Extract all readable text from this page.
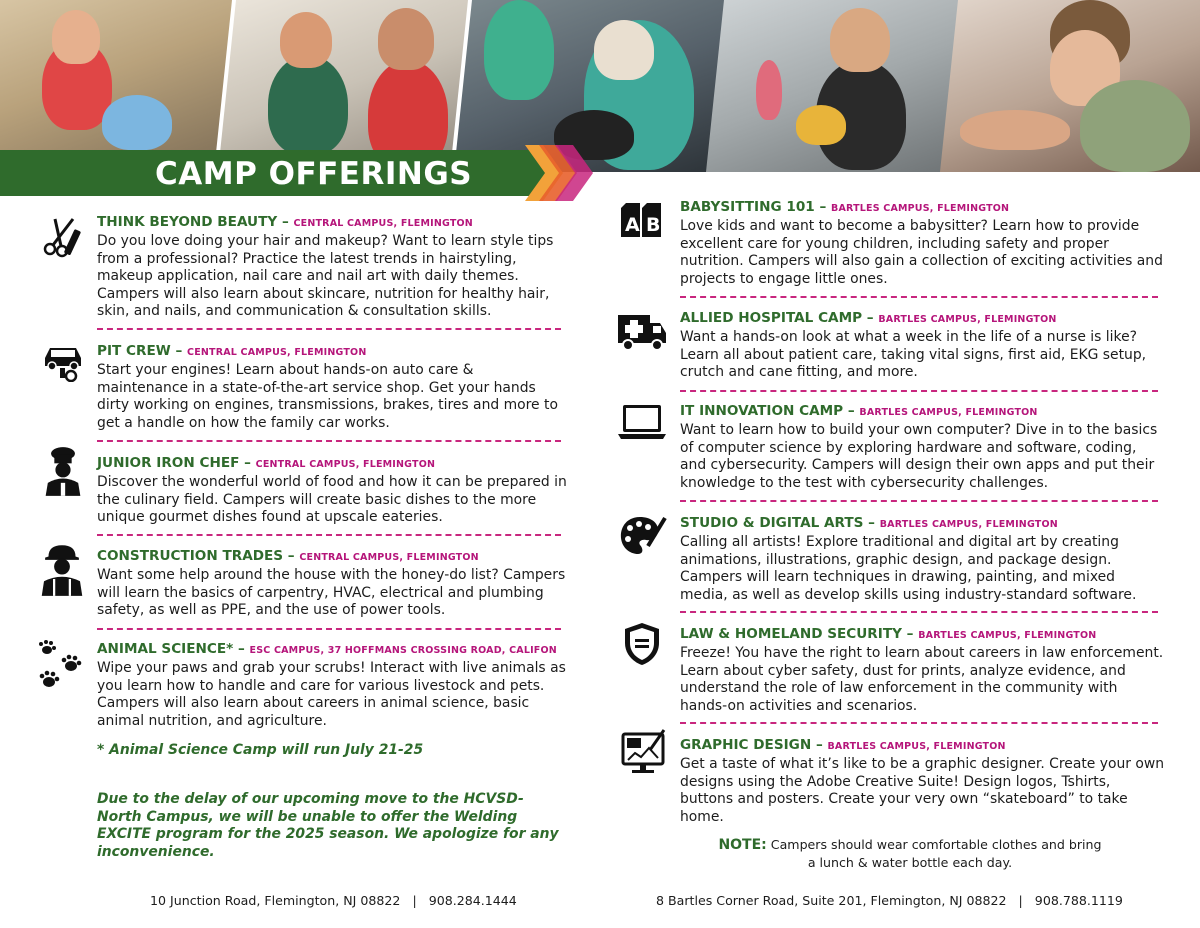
CAMP OFFERINGS
THINK BEYOND BEAUTY – CENTRAL CAMPUS, FLEMINGTON
Do you love doing your hair and makeup? Want to learn style tips from a professional? Practice the latest trends in hairstyling, makeup application, nail care and nail art with daily themes. Campers will also learn about skincare, nutrition for healthy hair, skin, and nails, and communication & consultation skills.
PIT CREW – CENTRAL CAMPUS, FLEMINGTON
Start your engines! Learn about hands-on auto care & maintenance in a state-of-the-art service shop. Get your hands dirty working on engines, transmissions, brakes, tires and more to get a handle on how the family car works.
JUNIOR IRON CHEF – CENTRAL CAMPUS, FLEMINGTON
Discover the wonderful world of food and how it can be prepared in the culinary field. Campers will create basic dishes to the more unique gourmet dishes found at upscale eateries.
CONSTRUCTION TRADES – CENTRAL CAMPUS, FLEMINGTON
Want some help around the house with the honey-do list? Campers will learn the basics of carpentry, HVAC, electrical and plumbing safety, as well as PPE, and the use of power tools.
ANIMAL SCIENCE* – ESC CAMPUS, 37 HOFFMANS CROSSING ROAD, CALIFON
Wipe your paws and grab your scrubs! Interact with live animals as you learn how to handle and care for various livestock and pets. Campers will also learn about careers in animal science, basic animal nutrition, and agriculture.
* Animal Science Camp will run July 21-25
Due to the delay of our upcoming move to the HCVSD-North Campus, we will be unable to offer the Welding EXCITE program for the 2025 season. We apologize for any inconvenience.
A B
BABYSITTING 101 – BARTLES CAMPUS, FLEMINGTON
Love kids and want to become a babysitter? Learn how to provide excellent care for young children, including safety and proper nutrition. Campers will also gain a collection of exciting activities and projects to engage little ones.
ALLIED HOSPITAL CAMP – BARTLES CAMPUS, FLEMINGTON
Want a hands-on look at what a week in the life of a nurse is like? Learn all about patient care, taking vital signs, first aid, EKG setup, crutch and cane fitting, and more.
IT INNOVATION CAMP – BARTLES CAMPUS, FLEMINGTON
Want to learn how to build your own computer? Dive in to the basics of computer science by exploring hardware and software, coding, and cybersecurity. Campers will design their own apps and put their knowledge to the test with cybersecurity challenges.
STUDIO & DIGITAL ARTS – BARTLES CAMPUS, FLEMINGTON
Calling all artists! Explore traditional and digital art by creating animations, illustrations, graphic design, and package design. Campers will learn techniques in drawing, painting, and mixed media, as well as develop skills using industry-standard software.
LAW & HOMELAND SECURITY – BARTLES CAMPUS, FLEMINGTON
Freeze! You have the right to learn about careers in law enforcement. Learn about cyber safety, dust for prints, analyze evidence, and understand the role of law enforcement in the community with hands-on activities and scenarios.
GRAPHIC DESIGN – BARTLES CAMPUS, FLEMINGTON
Get a taste of what it’s like to be a graphic designer. Create your own designs using the Adobe Creative Suite! Design logos, Tshirts, buttons and posters. Create your very own “skateboard” to take home.
NOTE: Campers should wear comfortable clothes and bring
a lunch & water bottle each day.
10 Junction Road, Flemington, NJ 08822   |   908.284.1444	8 Bartles Corner Road, Suite 201, Flemington, NJ 08822   |   908.788.1119
